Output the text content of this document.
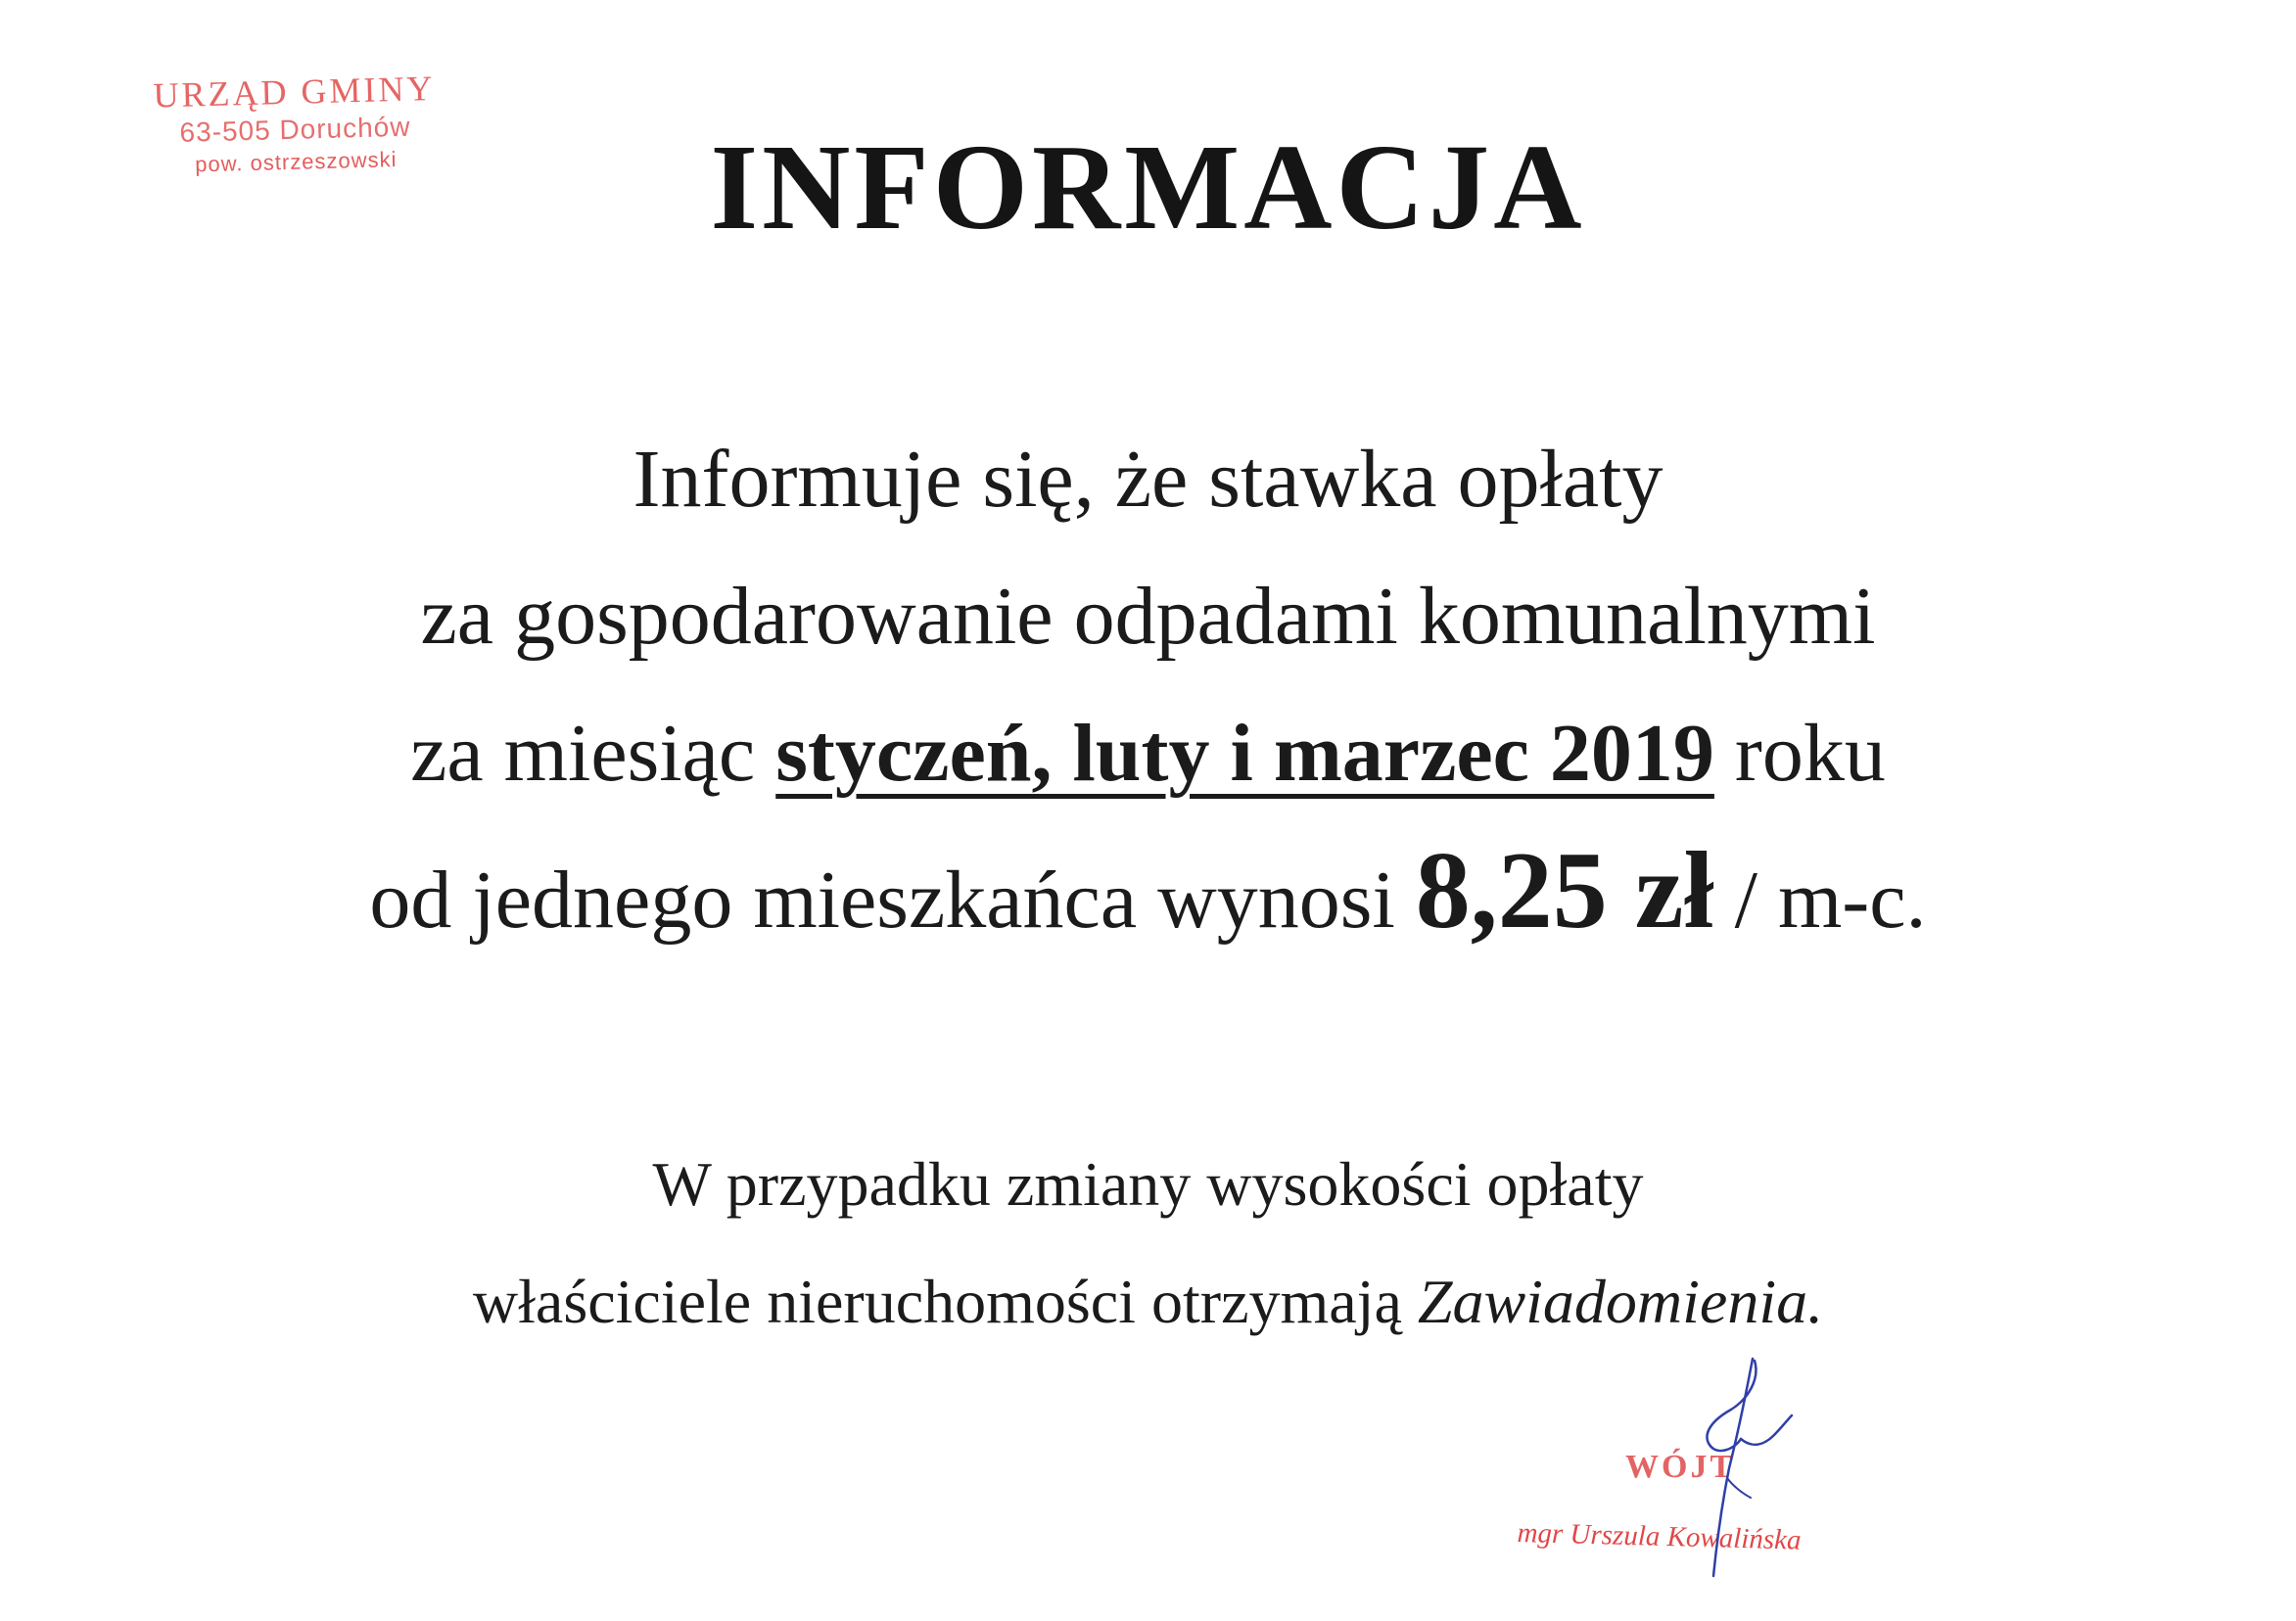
URZĄD GMINY
63-505 Doruchów
pow. ostrzeszowski	INFORMACJA
Informuje się, że stawka opłaty
za gospodarowanie odpadami komunalnymi
za miesiąc styczeń, luty i marzec 2019 roku
od jednego mieszkańca wynosi 8,25 zł / m-c.
W przypadku zmiany wysokości opłaty
właściciele nieruchomości otrzymają Zawiadomienia.
WÓJT
mgr Urszula Kowalińska
